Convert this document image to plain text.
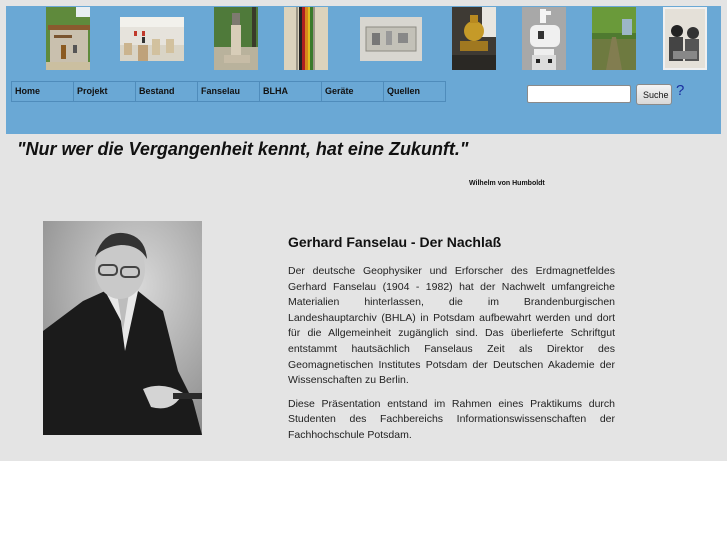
Home	Projekt	Bestand	Fanselau	BLHA	Geräte	Quellen	Suche ?
"Nur wer die Vergangenheit kennt, hat eine Zukunft."
Wilhelm von Humboldt
Gerhard Fanselau - Der Nachlaß

Der deutsche Geophysiker und Erforscher des Erdmagnetfeldes Gerhard Fanselau (1904 - 1982) hat der Nachwelt umfangreiche Materialien hinterlassen, die im Brandenburgischen Landeshauptarchiv (BHLA) in Potsdam aufbewahrt werden und dort für die Allgemeinheit zugänglich sind. Das überlieferte Schriftgut entstammt hautsächlich Fanselaus Zeit als Direktor des Geomagnetischen Institutes Potsdam der Deutschen Akademie der Wissenschaften zu Berlin.

Diese Präsentation entstand im Rahmen eines Praktikums durch Studenten des Fachbereichs Informationswissenschaften der Fachhochschule Potsdam.
